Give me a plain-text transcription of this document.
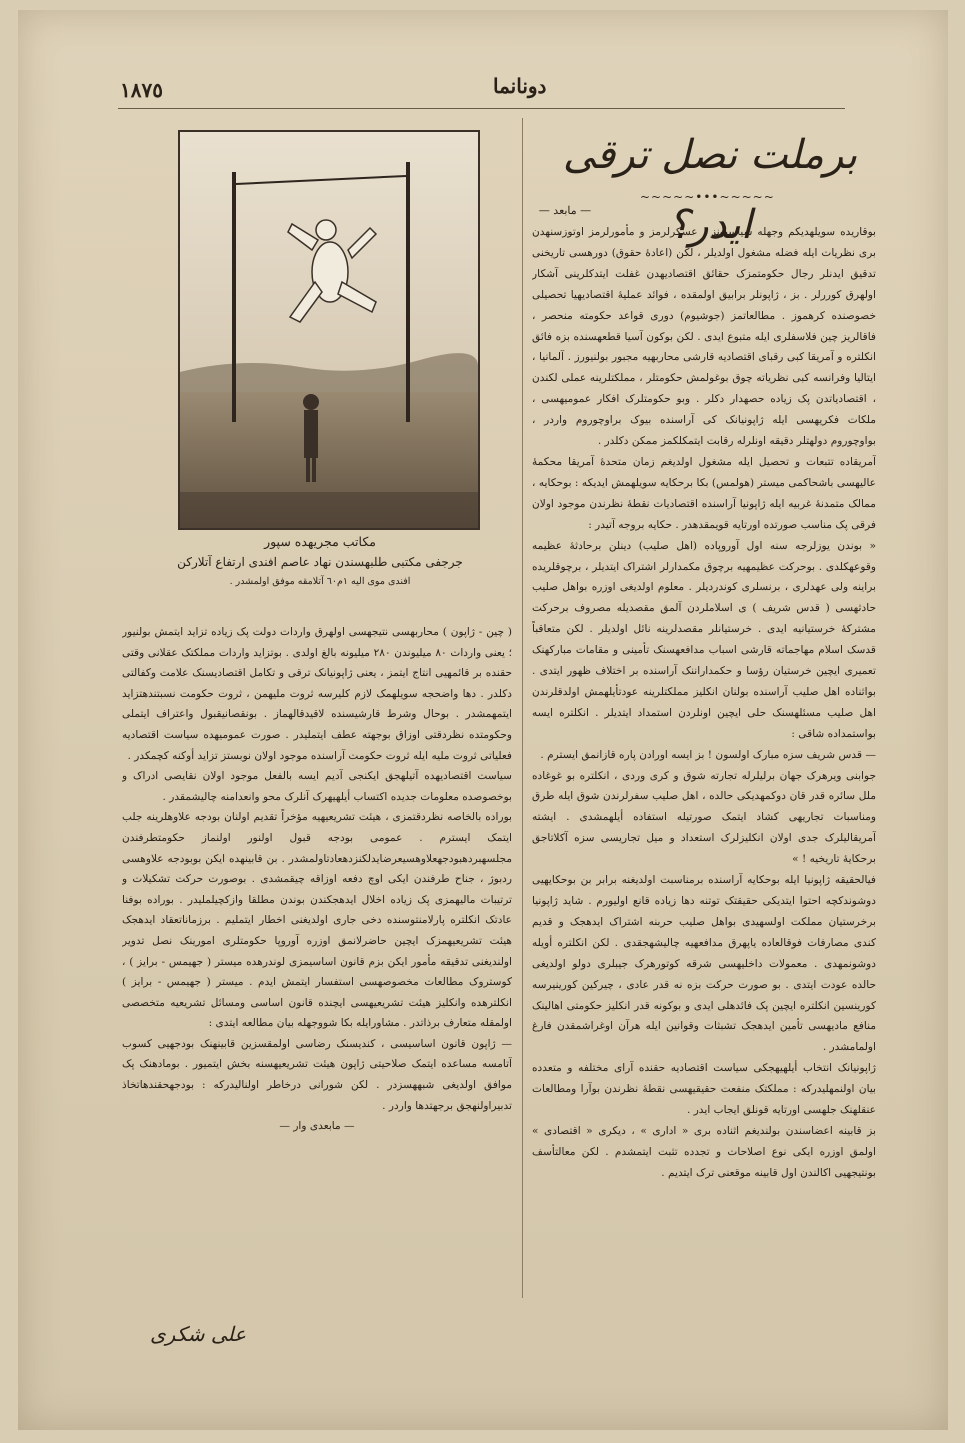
١٨٧٥	دونانما
برملت نصل ترقی ایدر؟
~~~~~•••~~~~~
— مابعد —

بوقاریده سویلهدیکم وجهله سیاسیونز ، عسکرلرمز و مأمورلرمز اوتوزسنهدن بری نظریات ایله فضله مشغول اولدیلر ، لکن (اعادهٔ حقوق) دورهسی تاریخنی تدقیق ایدنلر رجال حکومتمزک حقائق اقتصادیهدن غفلت ایتدکلرینی آشکار اولهرق کوررلر . بز ، ژاپونلر برابیق اولمقده ، فوائد عملیهٔ اقتصادیهیا تحصیلی خصوصنده کرهموز . مطالعاتمز (جوشیوم) دوری قواعد حکومته منحصر ، فاقالریز چین فلاسفلری ایله متبوع ایدی . لکن بوکون آسیا قطعهسنده بزه فائق انکلتره و آمریقا کبی رقبای اقتصادیه قارشی محاربهیه مجبور بولنیورز . آلمانیا ، ایتالیا وفرانسه کبی نظریاته چوق بوغولمش حکومتلر ، مملکتلرینه عملی لکندن ، اقتصادیاتدن پک زیاده حصهدار دکلر . وبو حکومتلرک افکار عمومیهسی ، ملکات فکریهسی ایله ژاپونیانک کی آراسنده بیوک براوچوروم واردر ، بواوچوروم دولهتلر دقیقه اونلرله رقابت ایتمکلکمز ممکن دکلدر .

آمریقاده تتبعات و تحصیل ایله مشغول اولدیغم زمان متحدهٔ آمریقا محکمهٔ عالیهسی باشحاکمی میستر (هولمس) بکا برحکایه سویلهمش ایدیکه : بوحکایه ، ممالک متمدنهٔ غربیه ایله ژاپونیا آراسنده اقتصادیات نقطهٔ نظرندن موجود اولان فرقی پک مناسب صورتده اورتایه قویمقدهدر . حکایه بروجه آتیدر :

« بوندن یوزلرجه سنه اول آوروپاده (اهل صلیب) دینلن برحادثهٔ عظیمه وقوعهکلدی . بوحرکت عظیمهیه برچوق مکمدارلر اشتراک ایتدیلر ، برچوقلریده براینه ولی عهدلری ، برنسلری کوندردیلر . معلوم اولدیغی اوزره بواهل صلیب حادثهسی ( قدس شریف ) ی اسلاملردن آلمق مقصدیله مصروف برحرکت مشترکهٔ خرستیانیه ایدی . خرستیانلر مقصدلرینه نائل اولدیلر . لکن متعاقباً قدسک اسلام مهاجماته قارشی اسباب مدافعهسنک تأمینی و مقامات مبارکهنک تعمیری ایچین خرستیان رؤسا و حکمداراننک آراسنده بر اختلاف ظهور ایتدی . بواثناده اهل صلیب آراسنده بولنان انکلیز مملکتلرینه عودتأیلهمش اولدقلرندن اهل صلیب مسئلهسنک حلی ایچین اونلردن استمداد ایتدیلر . انکلتره ایسه بواستمداده شاقی :

— قدس شریف سزه مبارک اولسون ! بز ایسه اورادن پاره قازانمق ایسترم .

جوابنی ویرهرک جهان برلیلرله تجارته شوق و کری وردی ، انکلتره بو غوغاده ملل سائره قدر قان دوکمهدیکی حالده ، اهل صلیب سفرلرندن شوق ایله طرق ومناسبات تجاریهی کشاد ایتمک صورتیله استفاده أیلهمشدی . ایشته آمریقالیلرک جدی اولان انکلیزلرک استعداد و میل تجاریسی سزه آکلاتاجق برحکایهٔ تاریخیه ! »

فیالحقیقه ژاپونیا ایله بوحکایه آراسنده برمناسبت اولدیغنه برابر بن بوحکایهیی دوشوندکچه احتوا ایتدیکی حقیقتک توتنه دها زیاده قانع اولیورم . شاید ژاپونیا برخرستیان مملکت اولسهیدی بواهل صلیب حربنه اشتراک ایدهجک و قدیم کندی مصارفات فوقالعاده یاپهرق مدافعهیه چالیشهجقدی . لکن انکلتره أویله دوشونمهدی . معمولات داخلیهسی شرقه کوتورهرک جیبلری دولو اولدیغی حالده عودت ایتدی . بو صورت حرکت بزه نه قدر عادی ، چیرکین کورینیرسه کورینسین انکلتره ایچین پک فائدهلی ایدی و بوکونه قدر انکلیز حکومتی اهالینک منافع مادیهسی تأمین ایدهجک تشبثات وقوانین ایله هرآن اوغراشمقدن فارغ اولمامشدر .

ژاپونیانک انتخاب أیلهیهجکی سیاست اقتصادیه حقنده آرای مختلفه و متعدده بیان اولنمهلیدرکه : مملکتک منفعت حقیقیهسی نقطهٔ نظرندن بوآرا ومطالعات عنقلهنک جلهسی اورتایه قونلق ایجاب ایدر .

بز قابینه اعضاسندن بولندیغم اثناده بری « اداری » ، دیکری « اقتصادی » اولمق اوزره ایکی نوع اصلاحات و تجدده تثبت ایتمشدم . لکن معالتأسف بونتیجهیی اکالندن اول قابینه موقعنی ترک ایتدیم .

مکاتب مجریهده سپور
جرجفی مکتبی طلبهسندن نهاد عاصم افندی ارتفاع آتلارکن
افندی موی الیه ١م٦٠ آتلامقه موفق اولمشدر .

( چین - ژاپون ) محاربهسی نتیجهسی اولهرق واردات دولت پک زیاده تزاید ایتمش بولنیور ؛ یعنی واردات ٨٠ میلیوندن ٢٨٠ میلیونه بالغ اولدی . بوتزاید واردات مملکتک عقلانی وقتی حقنده بر قائمهیی انتاج ایتمز ، یعنی ژاپونیانک ترقی و تکامل اقتصادیسنک علامت وکفالتی دکلدر . دها واضحجه سویلهمک لازم کلیرسه ثروت ملیهمن ، ثروت حکومت نسبتندهتزاید ایتمهمشدر . بوحال وشرط قارشیسنده لاقیدقالهماز . بونقصانیقبول واعتراف ایتملی وحکومتده نظردقتی اوزاق بوجهته عطف ایتملیدر . صورت عمومیهده سیاست اقتصادیه فعلیاتی ثروت ملیه ایله ثروت حکومت آراسنده موجود اولان نوبستز تزاید أوکنه کچمکدر .

سیاست اقتصادیهده آتیلهجق ایکنجی آدیم ایسه بالفعل موجود اولان نقایصی ادراک و بوخصوصده معلومات جدیده اکتساب أیلهیهرک آنلرک محو وانعدامنه چالیشمقدر .

بوراده بالخاصه نظردقتمزی ، هیئت تشریعیهیه مؤخراً تقدیم اولنان بودجه علاوهلرینه جلب ایتمک ایسترم . عمومی بودجه قبول اولنور اولنماز حکومتطرفندن مجلسهبردهبودجهعلاوهسیعرضایدلکنزدهعادتاولمشدر . بن قابینهده ایکن بوبودجه علاوهسی ردبوژ ، جناح طرفندن ایکی اوچ دفعه اوزاقه چیقمشدی . بوصورت حرکت تشکیلات و ترتیبات مالیهمزی پک زیاده اخلال ایدهجکندن بوندن مطلقا وازکچیلملیدر . بوراده بوفنا عادتک انکلتره پارلامنتوسنده دخی جاری اولدیغنی اخطار ایتملیم . برزماناتعقاد ایدهجک هیئت تشریعیهمزک ایچین حاضرلانمق اوزره آوروپا حکومتلری امورینک نصل تدویر اولندیغنی تدقیقه مأمور ایکن بزم قانون اساسیمزی لوندرهده میستر ( جهیمس - برایز ) ، کوستروک مطالعات مخصوصهسی استفسار ایتمش ایدم . میستر ( جهیمس - برایز ) انکلترهده وانکلیز هیئت تشریعیهسی ایچنده قانون اساسی ومسائل تشریعیه متخصصی اولمقله متعارف برذاتدر . مشاورایله بکا شووجهله بیان مطالعه ایتدی :

— ژاپون قانون اساسیسی ، کندیسنک رضاسی اولمقسزین قابینهنک بودجهیی کسوب آتامسه مساعده ایتمک صلاحیتی ژاپون هیئت تشریعیهسنه بخش ایتمیور . بومادهنک پک موافق اولدیغی شبههسزدر . لکن شورانی درخاطر اولنالیدرکه : بودجهحقندهاتخاذ تدبیراولنهجق برجهتدها واردر .

— مابعدی وار —

علی شکری
